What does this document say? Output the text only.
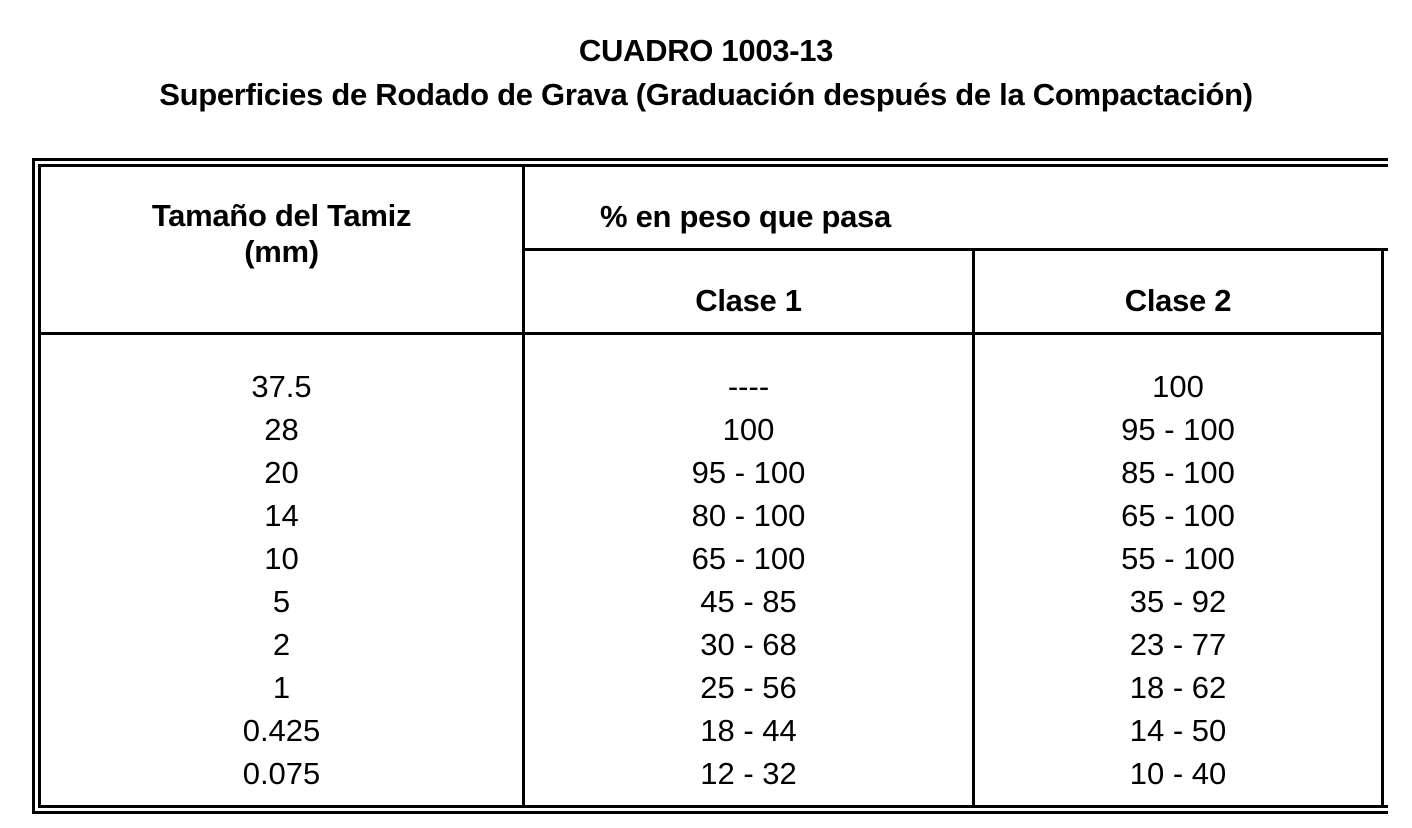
CUADRO 1003-13
Superficies de Rodado de Grava (Graduación después de la Compactación)
Tamaño del Tamiz
(mm)
% en peso que pasa
Clase 1	Clase 2
37.5
28
20
14
10
5
2
1
0.425
0.075
----
100
95 - 100
80 - 100
65 - 100
45 - 85
30 - 68
25 - 56
18 - 44
12 - 32
100
95 - 100
85 - 100
65 - 100
55 - 100
35 - 92
23 - 77
18 - 62
14 - 50
10 - 40
